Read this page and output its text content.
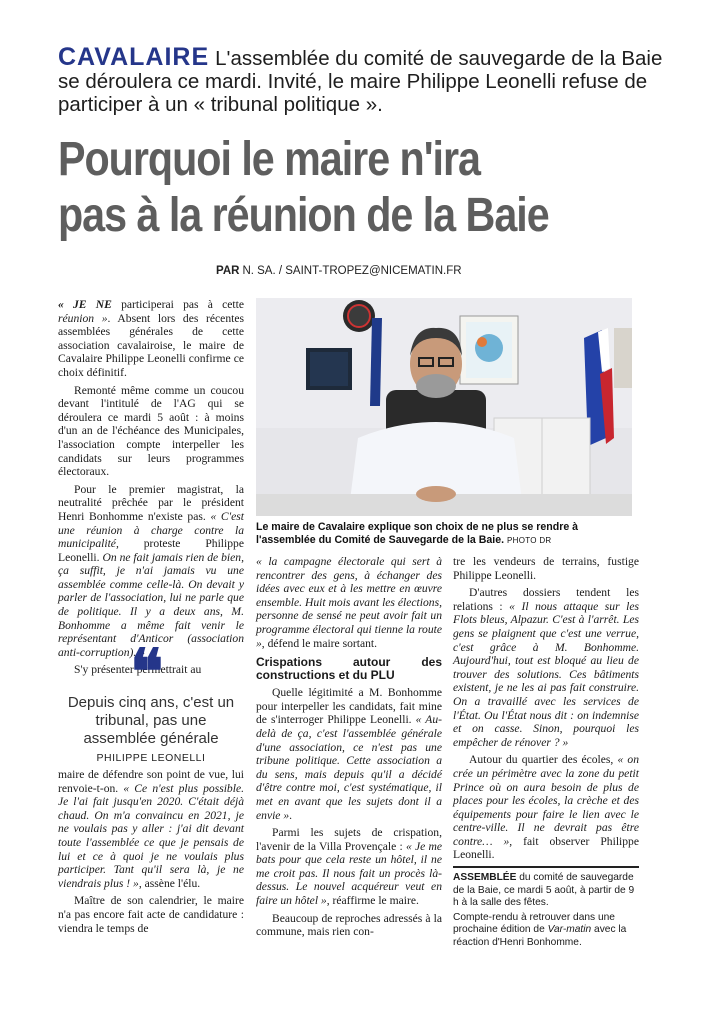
CAVALAIRE L'assemblée du comité de sauvegarde de la Baie se déroulera ce mardi. Invité, le maire Philippe Leonelli refuse de participer à un « tribunal politique ».
Pourquoi le maire n'ira
pas à la réunion de la Baie
PAR N. SA. / SAINT-TROPEZ@NICEMATIN.FR

« JE NE participerai pas à cette réunion ». Absent lors des récentes assemblées générales de cette association cavalairoise, le maire de Cavalaire Philippe Leonelli confirme ce choix définitif.

Remonté même comme un coucou devant l'intitulé de l'AG qui se déroulera ce mardi 5 août : à moins d'un an de l'échéance des Municipales, l'association compte interpeller les candidats sur leurs programmes électoraux.

Pour le premier magistrat, la neutralité prêchée par le président Henri Bonhomme n'existe pas. « C'est une réunion à charge contre la municipalité, proteste Philippe Leonelli. On ne fait jamais rien de bien, ça suffit, je n'ai jamais vu une assemblée comme celle-là. On devait y parler de l'association, lui ne parle que de politique. Il y a deux ans, M. Bonhomme a même fait venir le représentant d'Anticor (association anti-corruption). »

S'y présenter permettrait au

❝
Depuis cinq ans, c'est un tribunal, pas une assemblée générale
PHILIPPE LEONELLI

maire de défendre son point de vue, lui renvoie-t-on. « Ce n'est plus possible. Je l'ai fait jusqu'en 2020. C'était déjà chaud. On m'a convaincu en 2021, je ne voulais pas y aller : j'ai dit devant toute l'assemblée ce que je pensais de lui et ce à quoi je ne voulais plus participer. Tant qu'il sera là, je ne viendrais plus ! », assène l'élu.

Maître de son calendrier, le maire n'a pas encore fait acte de candidature : viendra le temps de

Le maire de Cavalaire explique son choix de ne plus se rendre à l'assemblée du Comité de Sauvegarde de la Baie. PHOTO DR

« la campagne électorale qui sert à rencontrer des gens, à échanger des idées avec eux et à les mettre en œuvre ensemble. Huit mois avant les élections, personne de sensé ne peut avoir fait un programme électoral qui tienne la route », défend le maire sortant.

Crispations autour des constructions et du PLU

Quelle légitimité a M. Bonhomme pour interpeller les candidats, fait mine de s'interroger Philippe Leonelli. « Au-delà de ça, c'est l'assemblée générale d'une association, ce n'est pas une tribune politique. Cette association a du sens, mais depuis qu'il a décidé d'être contre moi, c'est systématique, il met en avant que les sujets dont il a envie ».

Parmi les sujets de crispation, l'avenir de la Villa Provençale : « Je me bats pour que cela reste un hôtel, il ne me croit pas. Il nous fait un procès là-dessus. Le nouvel acquéreur veut en faire un hôtel », réaffirme le maire.

Beaucoup de reproches adressés à la commune, mais rien con-

tre les vendeurs de terrains, fustige Philippe Leonelli.

D'autres dossiers tendent les relations : « Il nous attaque sur les Flots bleus, Alpazur. C'est à l'arrêt. Les gens se plaignent que c'est une verrue, c'est grâce à M. Bonhomme. Aujourd'hui, tout est bloqué au lieu de trouver des solutions. Ces bâtiments existent, je ne les ai pas fait construire. On a travaillé avec les services de l'État. Ou l'État nous dit : on indemnise et on casse. Sinon, pourquoi les empêcher de rénover ? »

Autour du quartier des écoles, « on crée un périmètre avec la zone du petit Prince où on aura besoin de plus de places pour les écoles, la crèche et des équipements pour faire le lien avec le centre-ville. Il ne devrait pas être contre… », fait observer Philippe Leonelli.

ASSEMBLÉE du comité de sauvegarde de la Baie, ce mardi 5 août, à partir de 9 h à la salle des fêtes.

Compte-rendu à retrouver dans une prochaine édition de Var-matin avec la réaction d'Henri Bonhomme.
